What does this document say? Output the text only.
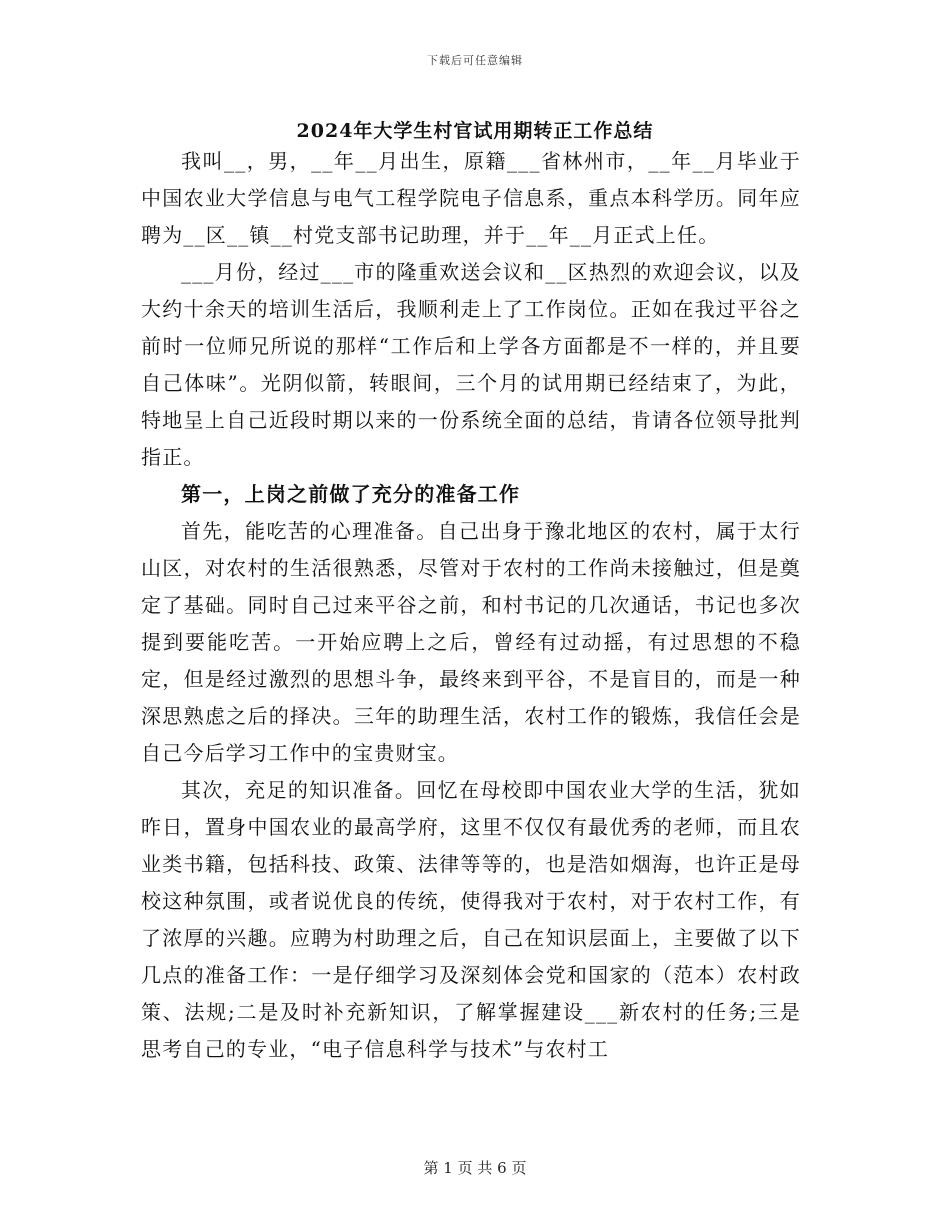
下载后可任意编辑
2024年大学生村官试用期转正工作总结

我叫__，男，__年__月出生，原籍___省林州市，__年__月毕业于中国农业大学信息与电气工程学院电子信息系，重点本科学历。同年应聘为__区__镇__村党支部书记助理，并于__年__月正式上任。

___月份，经过___市的隆重欢送会议和__区热烈的欢迎会议，以及大约十余天的培训生活后，我顺利走上了工作岗位。正如在我过平谷之前时一位师兄所说的那样“工作后和上学各方面都是不一样的，并且要自己体味”。光阴似箭，转眼间，三个月的试用期已经结束了，为此，特地呈上自己近段时期以来的一份系统全面的总结，肯请各位领导批判指正。

第一，上岗之前做了充分的准备工作

首先，能吃苦的心理准备。自己出身于豫北地区的农村，属于太行山区，对农村的生活很熟悉，尽管对于农村的工作尚未接触过，但是奠定了基础。同时自己过来平谷之前，和村书记的几次通话，书记也多次提到要能吃苦。一开始应聘上之后，曾经有过动摇，有过思想的不稳定，但是经过激烈的思想斗争，最终来到平谷，不是盲目的，而是一种深思熟虑之后的择决。三年的助理生活，农村工作的锻炼，我信任会是自己今后学习工作中的宝贵财宝。

其次，充足的知识准备。回忆在母校即中国农业大学的生活，犹如昨日，置身中国农业的最高学府，这里不仅仅有最优秀的老师，而且农业类书籍，包括科技、政策、法律等等的，也是浩如烟海，也许正是母校这种氛围，或者说优良的传统，使得我对于农村，对于农村工作，有了浓厚的兴趣。应聘为村助理之后，自己在知识层面上，主要做了以下几点的准备工作：一是仔细学习及深刻体会党和国家的（范本）农村政策、法规;二是及时补充新知识，了解掌握建设___新农村的任务;三是思考自己的专业，“电子信息科学与技术”与农村工

第 1 页 共 6 页
